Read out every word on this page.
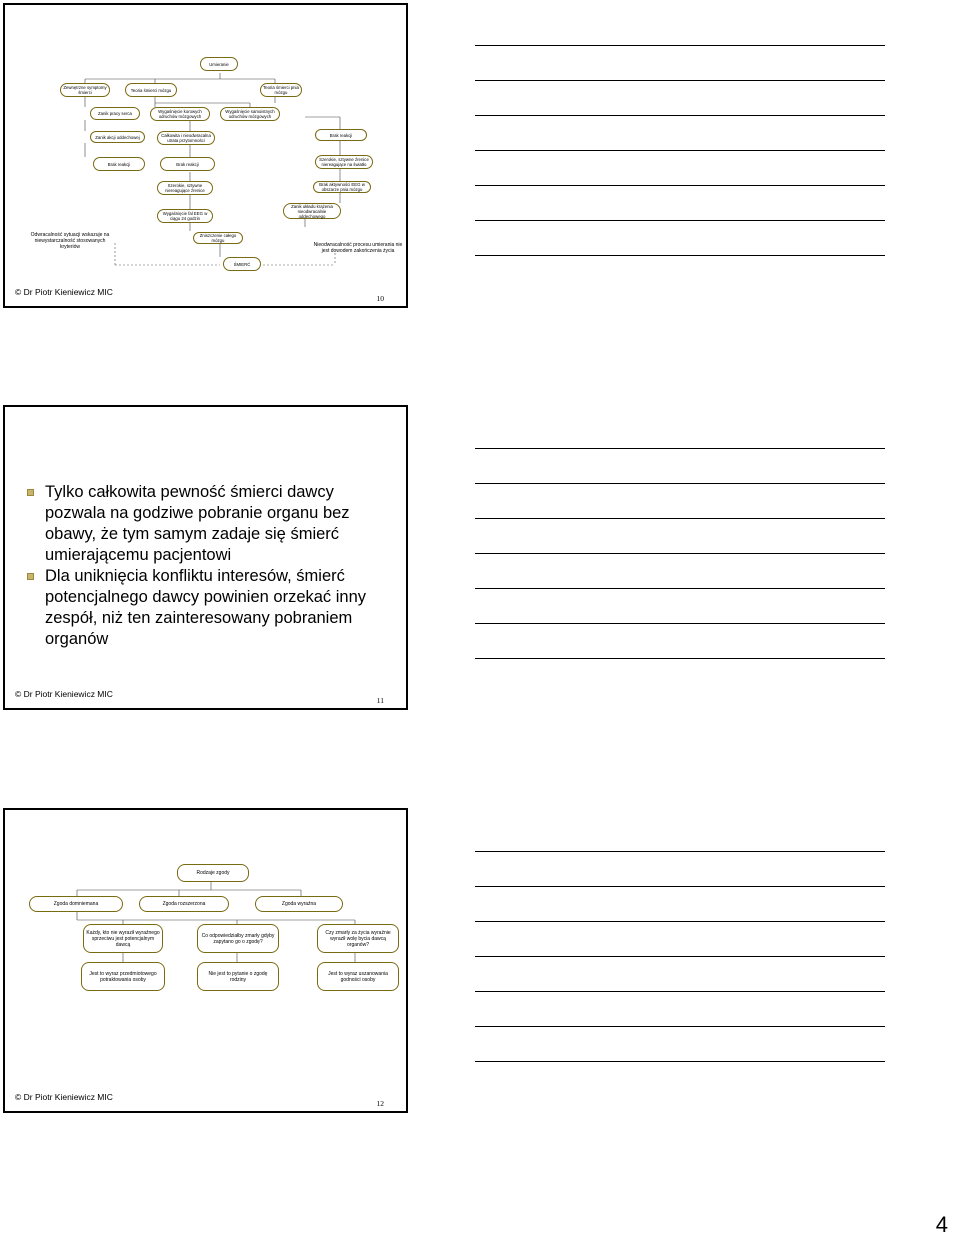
Umieranie
Zewnętrzne symptomy śmierci	Teoria śmierci mózgu	Teoria śmierci pnia mózgu
Zanik pracy serca	Wygaśnięcie korowych odruchów mózgowych
Wygaśnięcie samoistnych odruchów mózgowych
Zanik akcji oddechowej	Całkowita i nieodwracalna utrata przytomności
Brak reakcji
Brak reakcji	Brak reakcji
Szerokie, sztywne źrenice niereagujące na światło
Szerokie, sztywne niereagujące źrenice
Brak aktywności EEG w obszarze pnia mózgu
Wygaśnięcie fal EEG w ciągu 24 godzin
Zanik układu krążenia nieodwracalnie oddechowego
Zniszczenie całego mózgu
ŚMIERĆ
Odwracalność sytuacji wskazuje na niewystarczalność stosowanych kryteriów	Nieodwracalność procesu umierania nie jest dowodem zakończenia życia
© Dr Piotr Kieniewicz MIC
10
Tylko całkowita pewność śmierci dawcy pozwala na godziwe pobranie organu bez obawy, że tym samym zadaje się śmierć umierającemu pacjentowi
Dla uniknięcia konfliktu interesów, śmierć potencjalnego dawcy powinien orzekać inny zespół, niż ten zainteresowany pobraniem organów
© Dr Piotr Kieniewicz MIC
11
Rodzaje zgody
Zgoda domniemana	Zgoda rozszerzona	Zgoda wyraźna
Każdy, kto nie wyraził wyraźnego sprzeciwu jest potencjalnym dawcą
Co odpowiedziałby zmarły gdyby zapytano go o zgodę?
Czy zmarły za życia wyraźnie wyraził wolę bycia dawcą organów?
Jest to wyraz przedmiotowego potraktowania osoby
Nie jest to pytanie o zgodę rodziny
Jest to wyraz uszanowania godności osoby
© Dr Piotr Kieniewicz MIC
12
4
